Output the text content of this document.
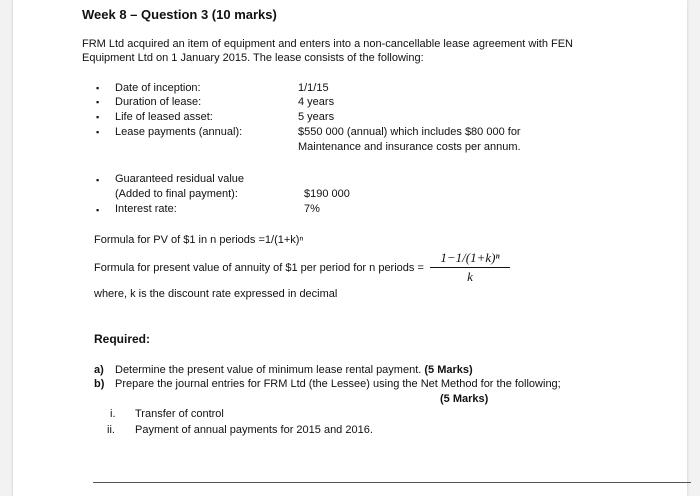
Week 8 – Question 3 (10 marks)
FRM Ltd acquired an item of equipment and enters into a non-cancellable lease agreement with FEN
Equipment Ltd on 1 January 2015. The lease consists of the following:
▪ Date of inception:	1/1/15
▪ Duration of lease:	4 years
▪ Life of leased asset:	5 years
▪ Lease payments (annual):	$550 000 (annual) which includes $80 000 for
Maintenance and insurance costs per annum.
▪ Guaranteed residual value
(Added to final payment):	$190 000
▪ Interest rate:	7%
Formula for PV of $1 in n periods =1/(1+k)ⁿ
Formula for present value of annuity of $1 per period for n periods =
1−1/(1+k)ⁿ
k
where, k is the discount rate expressed in decimal
Required:
a) Determine the present value of minimum lease rental payment. (5 Marks)
b) Prepare the journal entries for FRM Ltd (the Lessee) using the Net Method for the following;
(5 Marks)
i. Transfer of control
ii. Payment of annual payments for 2015 and 2016.
